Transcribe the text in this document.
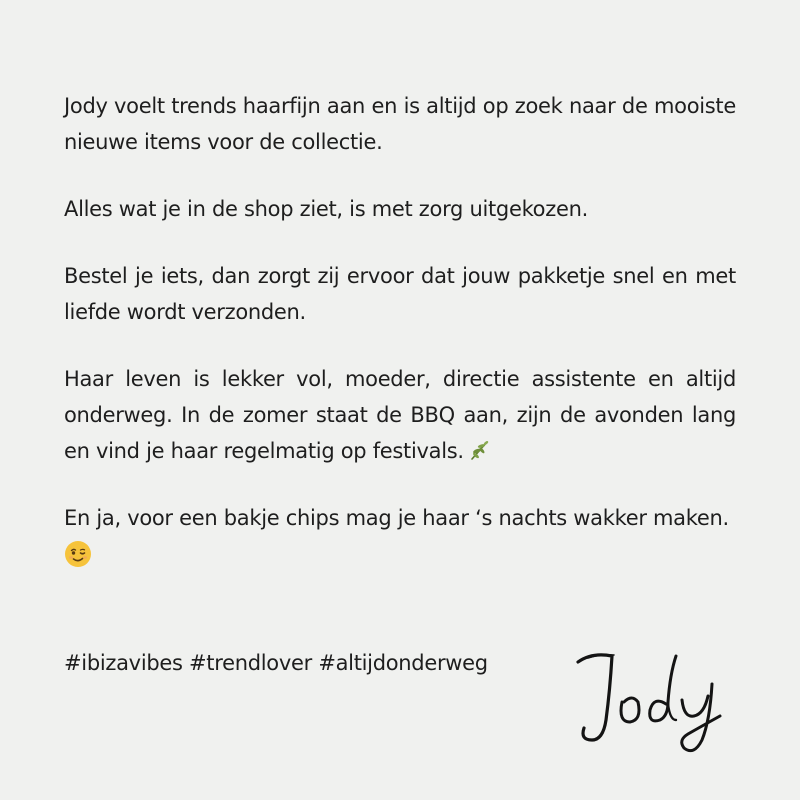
Jody voelt trends haarfijn aan en is altijd op zoek naar de mooiste nieuwe items voor de collectie.

Alles wat je in de shop ziet, is met zorg uitgekozen.

Bestel je iets, dan zorgt zij ervoor dat jouw pakketje snel en met liefde wordt verzonden.

Haar leven is lekker vol, moeder, directie assistente en altijd onderweg. In de zomer staat de BBQ aan, zijn de avonden lang en vind je haar regelmatig op festivals.

En ja, voor een bakje chips mag je haar ‘s nachts wakker maken.

#ibizavibes #trendlover #altijdonderweg
